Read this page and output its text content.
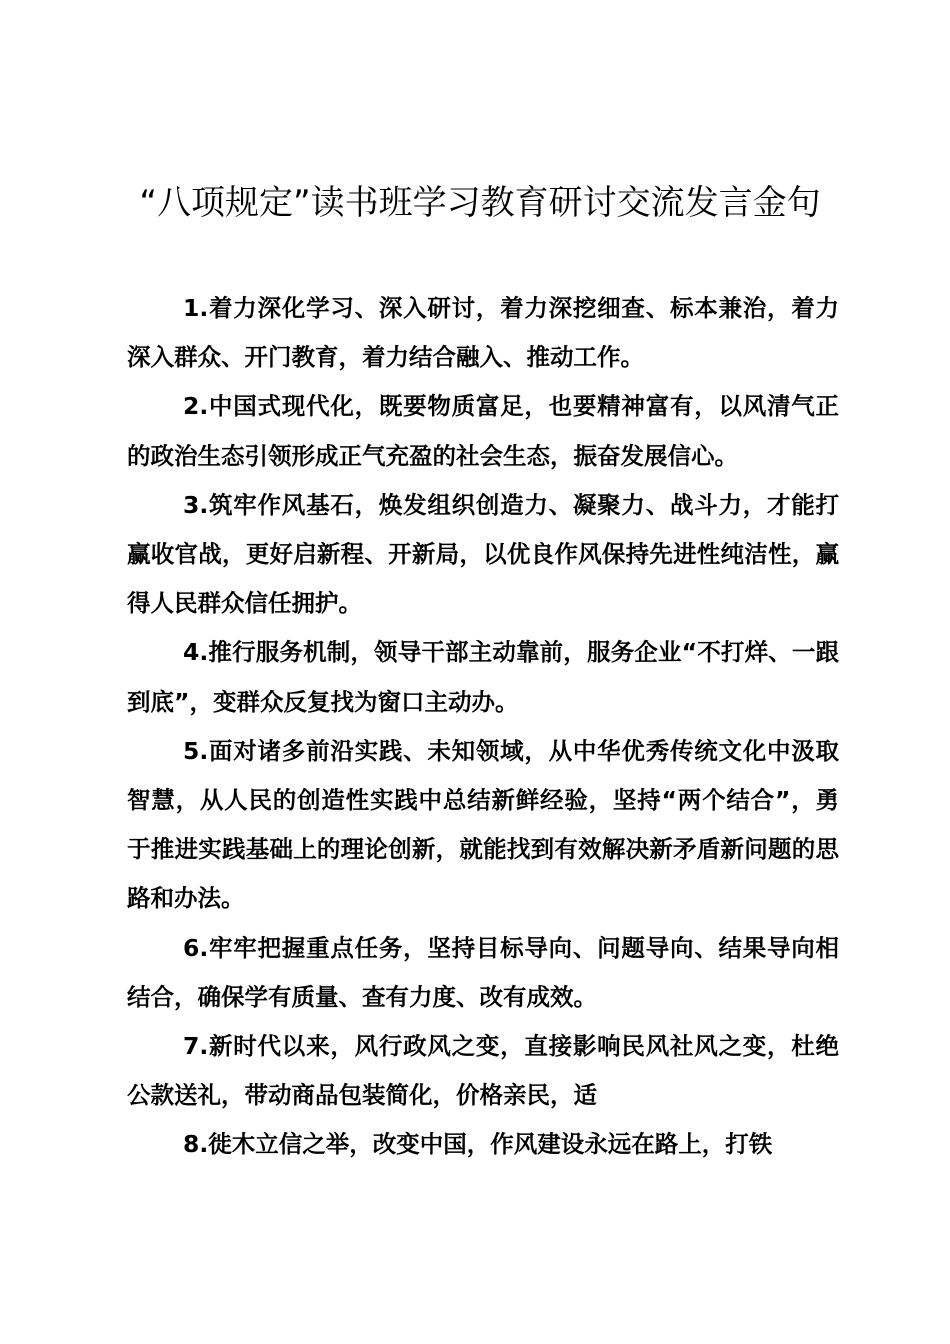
“八项规定”读书班学习教育研讨交流发言金句

1.着力深化学习、深入研讨，着力深挖细查、标本兼治，着力深入群众、开门教育，着力结合融入、推动工作。

2.中国式现代化，既要物质富足，也要精神富有，以风清气正的政治生态引领形成正气充盈的社会生态，振奋发展信心。

3.筑牢作风基石，焕发组织创造力、凝聚力、战斗力，才能打赢收官战，更好启新程、开新局，以优良作风保持先进性纯洁性，赢得人民群众信任拥护。

4.推行服务机制，领导干部主动靠前，服务企业“不打烊、一跟到底”，变群众反复找为窗口主动办。

5.面对诸多前沿实践、未知领域，从中华优秀传统文化中汲取智慧，从人民的创造性实践中总结新鲜经验，坚持“两个结合”，勇于推进实践基础上的理论创新，就能找到有效解决新矛盾新问题的思路和办法。

6.牢牢把握重点任务，坚持目标导向、问题导向、结果导向相结合，确保学有质量、查有力度、改有成效。

7.新时代以来，风行政风之变，直接影响民风社风之变，杜绝公款送礼，带动商品包装简化，价格亲民，适

8.徙木立信之举，改变中国，作风建设永远在路上，打铁
